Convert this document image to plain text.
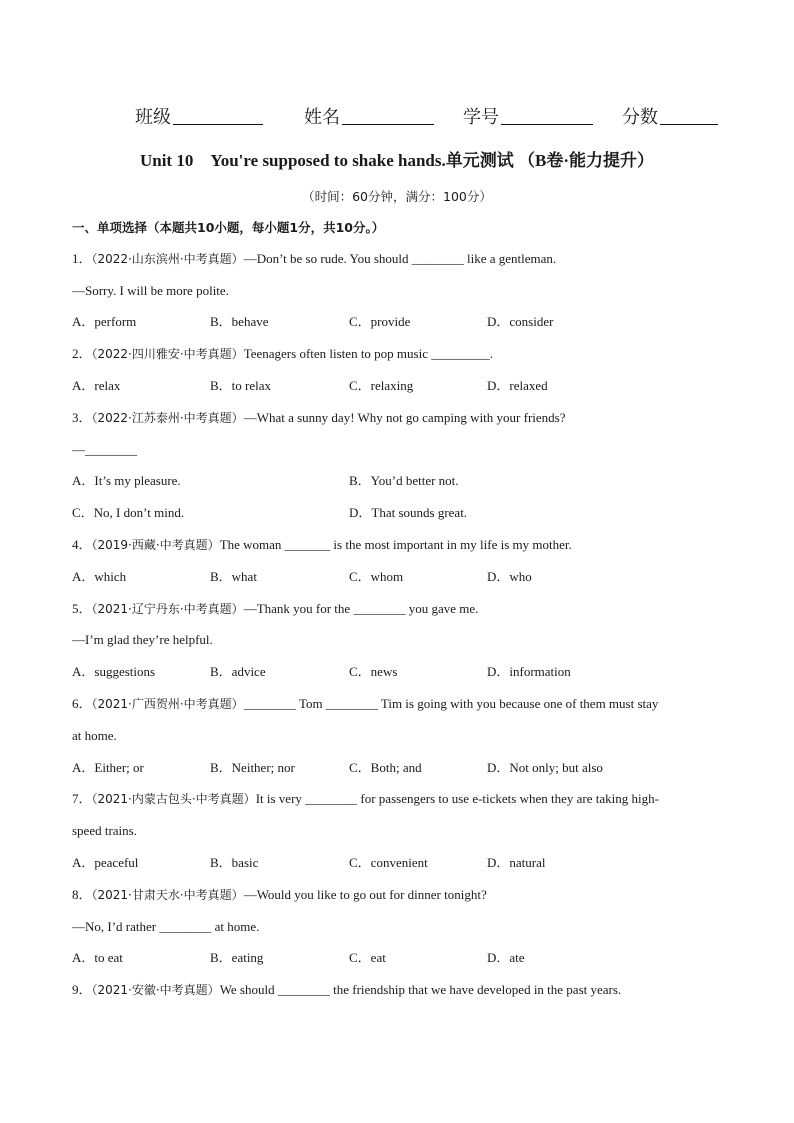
班级	姓名	学号	分数
Unit 10　You're supposed to shake hands.单元测试 （B卷·能力提升）
（时间：60分钟，满分：100分）
一、单项选择（本题共10小题，每小题1分，共10分。）
1．（2022·山东滨州·中考真题）—Don’t be so rude. You should ________ like a gentleman.
—Sorry. I will be more polite.
A．perform	B．behave	C．provide	D．consider
2．（2022·四川雅安·中考真题）Teenagers often listen to pop music _________.
A．relax	B．to relax	C．relaxing	D．relaxed
3．（2022·江苏泰州·中考真题）—What a sunny day! Why not go camping with your friends?
—________
A．It’s my pleasure.	B．You’d better not.
C．No, I don’t mind.	D．That sounds great.
4．（2019·西藏·中考真题）The woman _______ is the most important in my life is my mother.
A．which	B．what	C．whom	D．who
5．（2021·辽宁丹东·中考真题）—Thank you for the ________ you gave me.
—I’m glad they’re helpful.
A．suggestions	B．advice	C．news	D．information
6．（2021·广西贺州·中考真题）________ Tom ________ Tim is going with you because one of them must stay
at home.
A．Either; or	B．Neither; nor	C．Both; and	D．Not only; but also
7．（2021·内蒙古包头·中考真题）It is very ________ for passengers to use e-tickets when they are taking high-
speed trains.
A．peaceful	B．basic	C．convenient	D．natural
8．（2021·甘肃天水·中考真题）—Would you like to go out for dinner tonight?
—No, I’d rather ________ at home.
A．to eat	B．eating	C．eat	D．ate
9．（2021·安徽·中考真题）We should ________ the friendship that we have developed in the past years.
